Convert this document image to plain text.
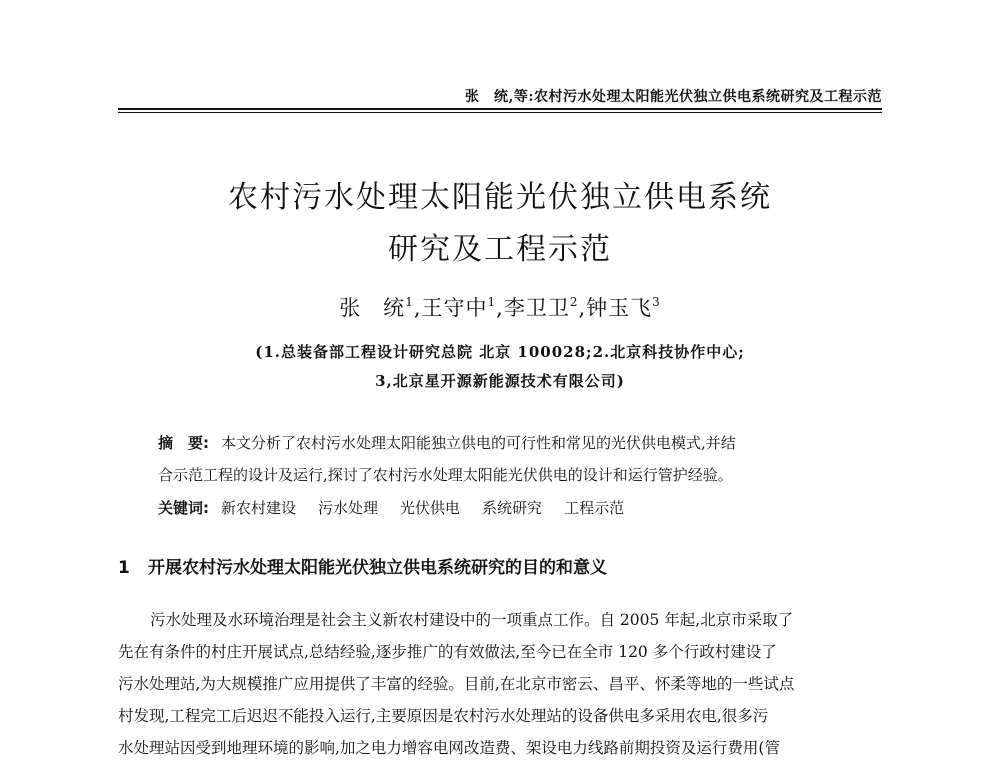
张　统,等:农村污水处理太阳能光伏独立供电系统研究及工程示范
农村污水处理太阳能光伏独立供电系统
研究及工程示范
张　统$^1$,王守中$^1$,李卫卫$^2$,钟玉飞$^3$
(1.总装备部工程设计研究总院 北京 100028;2.北京科技协作中心;
3,北京星开源新能源技术有限公司)
摘　要: 本文分析了农村污水处理太阳能独立供电的可行性和常见的光伏供电模式,并结
合示范工程的设计及运行,探讨了农村污水处理太阳能光伏供电的设计和运行管护经验。
关键词: 新农村建设 污水处理 光伏供电 系统研究 工程示范
1 开展农村污水处理太阳能光伏独立供电系统研究的目的和意义
污水处理及水环境治理是社会主义新农村建设中的一项重点工作。自 2005 年起,北京市采取了
先在有条件的村庄开展试点,总结经验,逐步推广的有效做法,至今已在全市 120 多个行政村建设了
污水处理站,为大规模推广应用提供了丰富的经验。目前,在北京市密云、昌平、怀柔等地的一些试点
村发现,工程完工后迟迟不能投入运行,主要原因是农村污水处理站的设备供电多采用农电,很多污
水处理站因受到地理环境的影响,加之电力增容电网改造费、架设电力线路前期投资及运行费用(管
